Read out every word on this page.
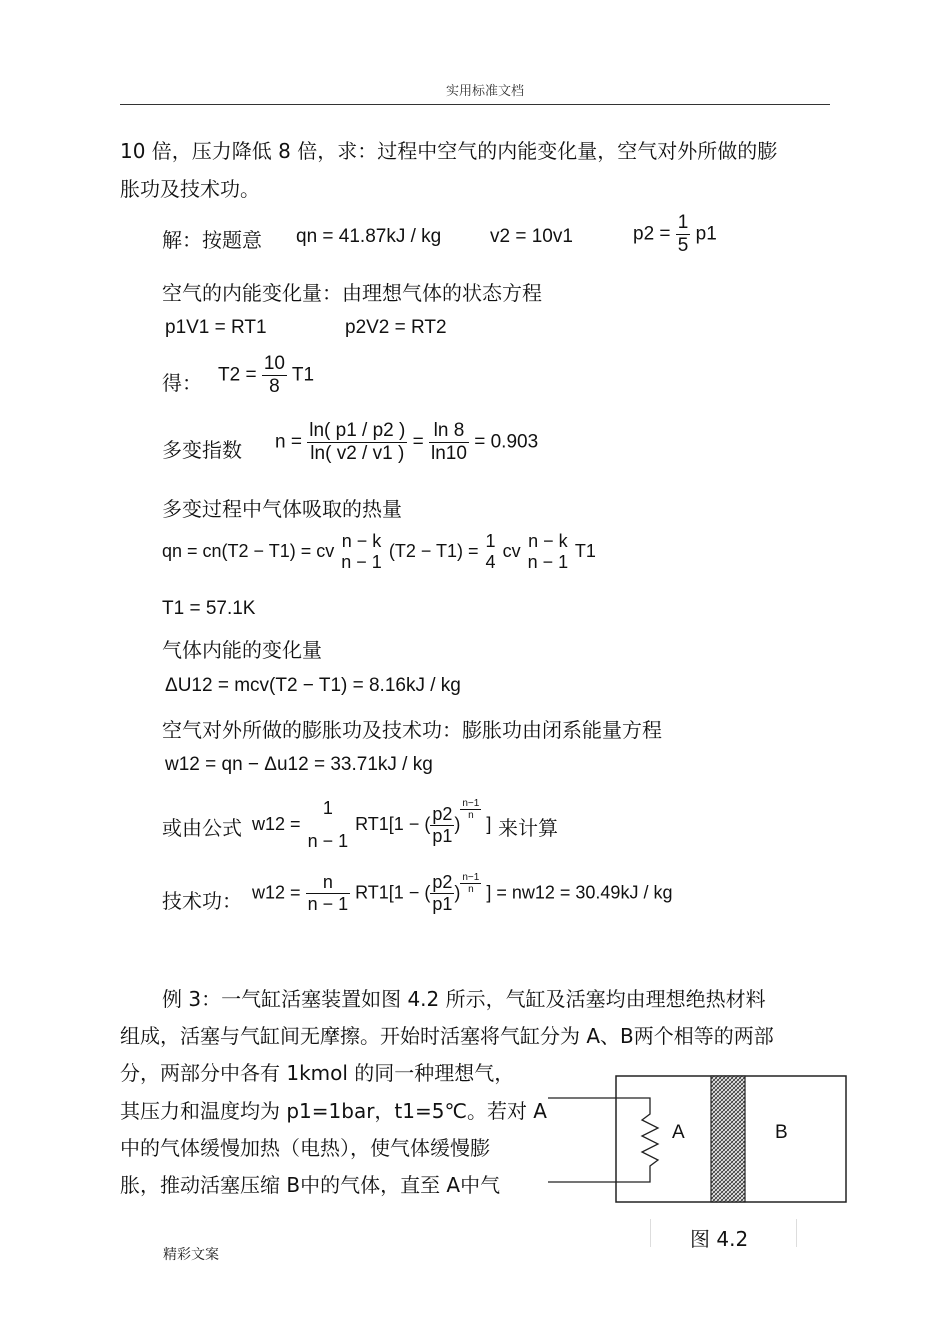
实用标准文档
10 倍，压力降低 8 倍，求：过程中空气的内能变化量，空气对外所做的膨
胀功及技术功。
解：按题意 qn = 41.87kJ / kg	v2 = 10v1	$p2 = \frac{1}{5} p1$
空气的内能变化量：由理想气体的状态方程
p1V1 = RT1	p2V2 = RT2
得： $T2 = \frac{10}{8} T1$
多变指数 $n = \frac{\ln( p1 / p2 )}{\ln( v2 / v1 )} = \frac{\ln 8}{\ln 10} = 0.903$
多变过程中气体吸取的热量
qn = cn(T2 − T1) = cv n − k
n − 1
(T2 − T1) = 1
4
cv n − k
n − 1
T1
T1 = 57.1K
气体内能的变化量
ΔU12 = mcv(T2 − T1) = 8.16kJ / kg
空气对外所做的膨胀功及技术功：膨胀功由闭系能量方程
w12 = qn − Δu12 = 33.71kJ / kg
或由公式 w12 =
1
n − 1
RT1[1 − ( $\frac{p2}{p1}$ )
$\frac{n-1}{n}$
] 来计算
技术功： $w12 = \frac{n}{n - 1} RT1[1$ − ( $\frac{p2}{p1}$ ) $\frac{n-1}{n}$ ] = nw12 = 30.49kJ / kg
例 3：一气缸活塞装置如图 4.2 所示，气缸及活塞均由理想绝热材料
组成，活塞与气缸间无摩擦。开始时活塞将气缸分为 A、B两个相等的两部
分，两部分中各有 1kmol 的同一种理想气，
其压力和温度均为 p1=1bar，t1=5℃。若对 A
中的气体缓慢加热（电热），使气体缓慢膨
胀，推动活塞压缩 B中的气体，直至 A中气
A	B
图 4.2
精彩文案
